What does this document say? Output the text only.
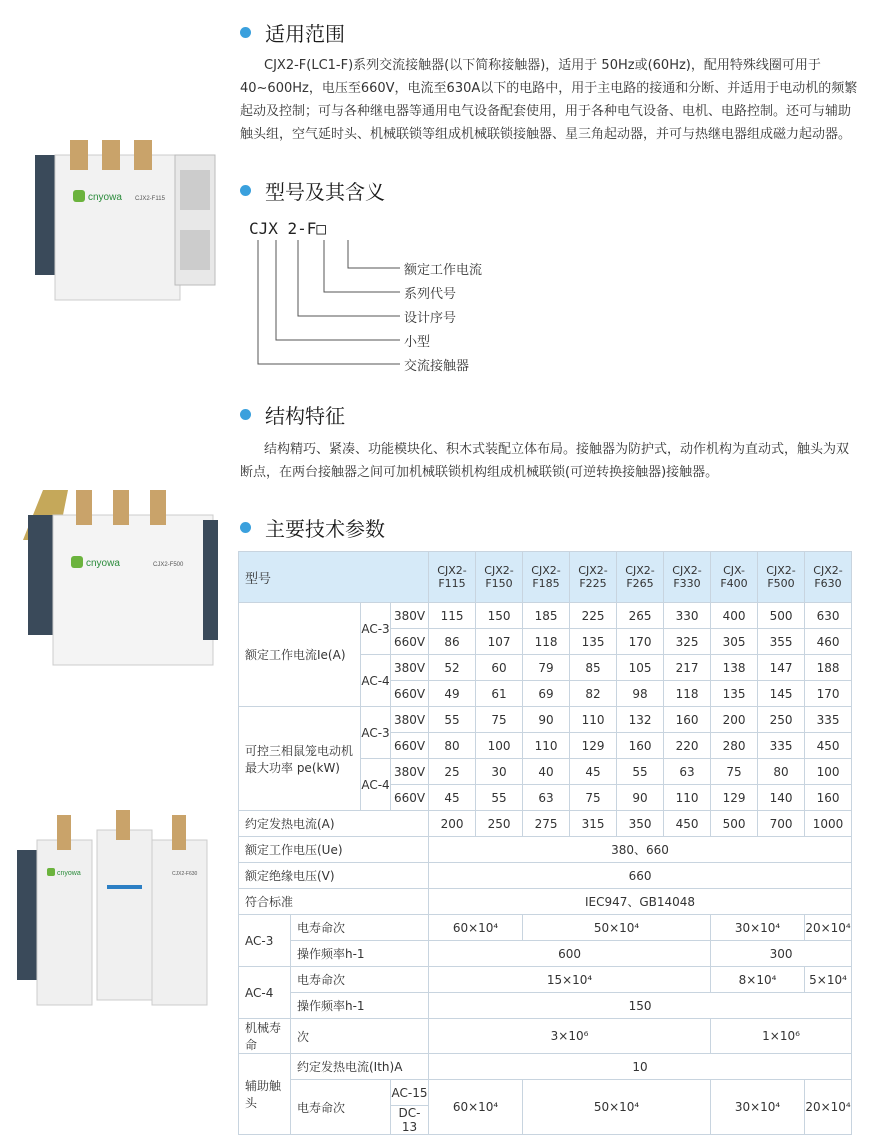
cnyowa CJX2-F115
cnyowa	CJX2-F500
cnyowa	CJX2-F630
适用范围
CJX2-F(LC1-F)系列交流接触器(以下简称接触器)，适用于 50Hz或(60Hz)，配用特殊线圈可用于40~600Hz，电压至660V，电流至630A以下的电路中，用于主电路的接通和分断、并适用于电动机的频繁起动及控制；可与各种继电器等通用电气设备配套使用，用于各种电气设备、电机、电路控制。还可与辅助触头组，空气延时头、机械联锁等组成机械联锁接触器、星三角起动器，并可与热继电器组成磁力起动器。
型号及其含义
CJX 2-F□
额定工作电流
系列代号
设计序号
小型
交流接触器
结构特征
结构精巧、紧凑、功能模块化、积木式装配立体布局。接触器为防护式，动作机构为直动式，触头为双断点，在两台接触器之间可加机械联锁机构组成机械联锁(可逆转换接触器)接触器。
主要技术参数
型号				CJX2-F115	CJX2-F150	CJX2-F185	CJX2-F225	CJX2-F265	CJX2-F330	CJX-F400	CJX2-F500	CJX2-F630
额定工作电流Ie(A)		AC-3	380V	115	150	185	225	265	330	400	500	630
			660V	86	107	118	135	170	325	305	355	460
		AC-4	380V	52	60	79	85	105	217	138	147	188
			660V	49	61	69	82	98	118	135	145	170
可控三相鼠笼电动机
最大功率 pe(kW)		AC-3	380V	55	75	90	110	132	160	200	250	335
			660V	80	100	110	129	160	220	280	335	450
		AC-4	380V	25	30	40	45	55	63	75	80	100
			660V	45	55	63	75	90	110	129	140	160
约定发热电流(A)				200	250	275	315	350	450	500	700	1000
额定工作电压(Ue)				380、660								
额定绝缘电压(V)				660								
符合标准				IEC947、GB14048								
AC-3	电寿命次			60×10⁴		50×10⁴				30×10⁴		20×10⁴
	操作频率h-1			600						300		
AC-4	电寿命次			15×10⁴						8×10⁴		5×10⁴
	操作频率h-1			150								
机械寿命	次			3×10⁶						1×10⁶		
辅助触头	约定发热电流(Ith)A			10								
	电寿命次		AC-15	60×10⁴		50×10⁴				30×10⁴		20×10⁴
			DC-13									
